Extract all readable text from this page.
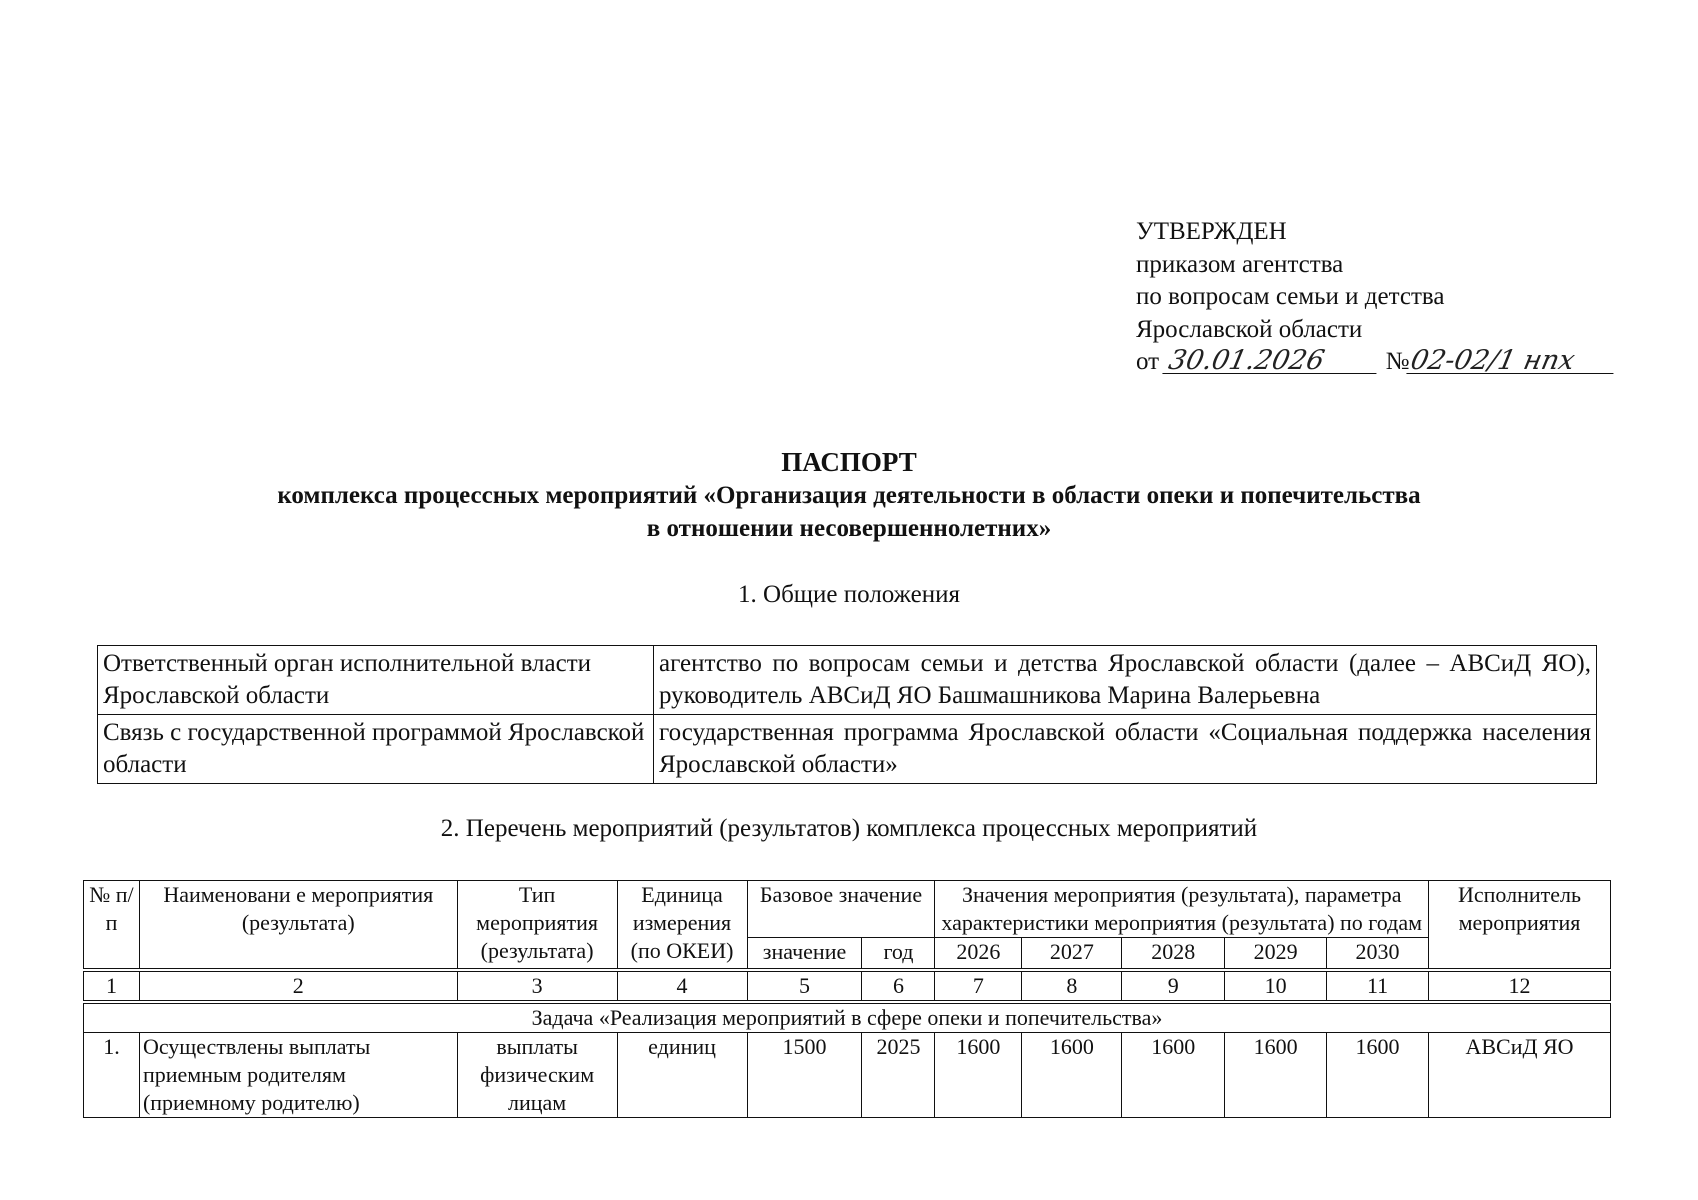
УТВЕРЖДЕН
приказом агентства
по вопросам семьи и детства
Ярославской области
от 30.01.2026 №02-02/1 нпх
ПАСПОРТ
комплекса процессных мероприятий «Организация деятельности в области опеки и попечительства
в отношении несовершеннолетних»
1. Общие положения
Ответственный орган исполнительной власти Ярославской области	агентство по вопросам семьи и детства Ярославской области (далее – АВСиД ЯО), руководитель АВСиД ЯО Башмашникова Марина Валерьевна
Связь с государственной программой Ярославской области	государственная программа Ярославской области «Социальная поддержка населения Ярославской области»
2. Перечень мероприятий (результатов) комплекса процессных мероприятий
№ п/п	Наименовани е мероприятия (результата)	Тип мероприятия (результата)	Единица измерения (по ОКЕИ)	Базовое значение		Значения мероприятия (результата), параметра характеристики мероприятия (результата) по годам					Исполнитель мероприятия
				значение	год	2026	2027	2028	2029	2030	
1	2	3	4	5	6	7	8	9	10	11	12
Задача «Реализация мероприятий в сфере опеки и попечительства»											
1.	Осуществлены выплаты приемным родителям (приемному родителю)	выплаты физическим лицам	единиц	1500	2025	1600	1600	1600	1600	1600	АВСиД ЯО
